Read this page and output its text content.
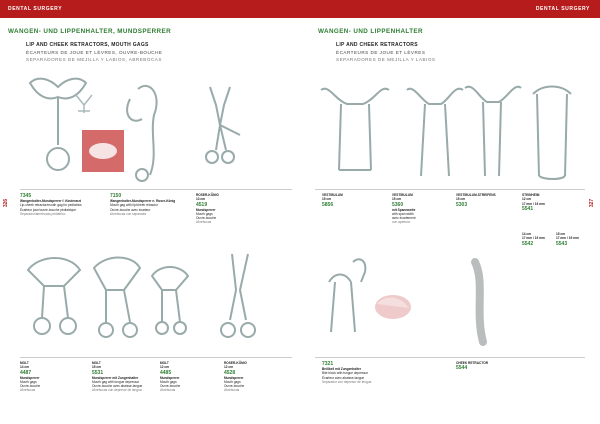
DENTAL SURGERY
326
WANGEN- UND LIPPENHALTER, MUNDSPERRER
LIP AND CHEEK RETRACTORS, MOUTH GAGS
ÉCARTEURS DE JOUE ET LÈVRES, OUVRE-BOUCHE
SEPARADORES DE MEJILLA Y LABIOS, ABREBOCAS
7345
Wangenhalter-Mundsperrer f. Kinderarzt
Lip-cheek retractor/mouth gag for pediatrics
Écarteur joue/ouvre-bouche pédiatrique
Separador/abrebocas pediátrico
7150
Wangenhalter-Mundsperrer n. Roser-König
Mouth gag with lip/cheek retractor
Ouvre-bouche avec écarteur
Abrebocas con separador
ROSER-KÖNIG
13 cm
4519
Mundsperrer
Mouth gags
Ouvre-bouche
Abrebocas
MOLT
14 cm
4487
Mundsperrer
Mouth gags
Ouvre-bouche
Abrebocas
MOLT
15 cm
5531
Mundsperrer mit Zungenhalter
Mouth gag with tongue depressor
Ouvre-bouche avec abaisse-langue
Abrebocas con depresor de lengua
MOLT
12 cm
4485
Mundsperrer
Mouth gags
Ouvre-bouche
Abrebocas
ROSER-KÖNIG
12 cm
4528
Mundsperrer
Mouth gags
Ouvre-bouche
Abrebocas
DENTAL SURGERY
327
WANGEN- UND LIPPENHALTER
LIP AND CHEEK RETRACTORS
ÉCARTEURS DE JOUE ET LÈVRES
SEPARADORES DE MEJILLA Y LABIOS
VESTIBULUM
15 cm
5856
VESTIBULUM
15 cm
5360
mit Spannweite
with span width
avec écartement
con apertura
VESTIBULUM-STREIFENS
15 cm
5303
STEINHEIM
12 cm
17 mm / 19 mm
5541
14 cm
17 mm / 19 mm
5542
15 cm
17 mm / 19 mm
5543
7321
Beißkeil mit Zungenhalter
Bite block with tongue depressor
Écarteur avec abaisse-langue
Separador con depresor de lengua
CHEEK RETRACTOR
5544
